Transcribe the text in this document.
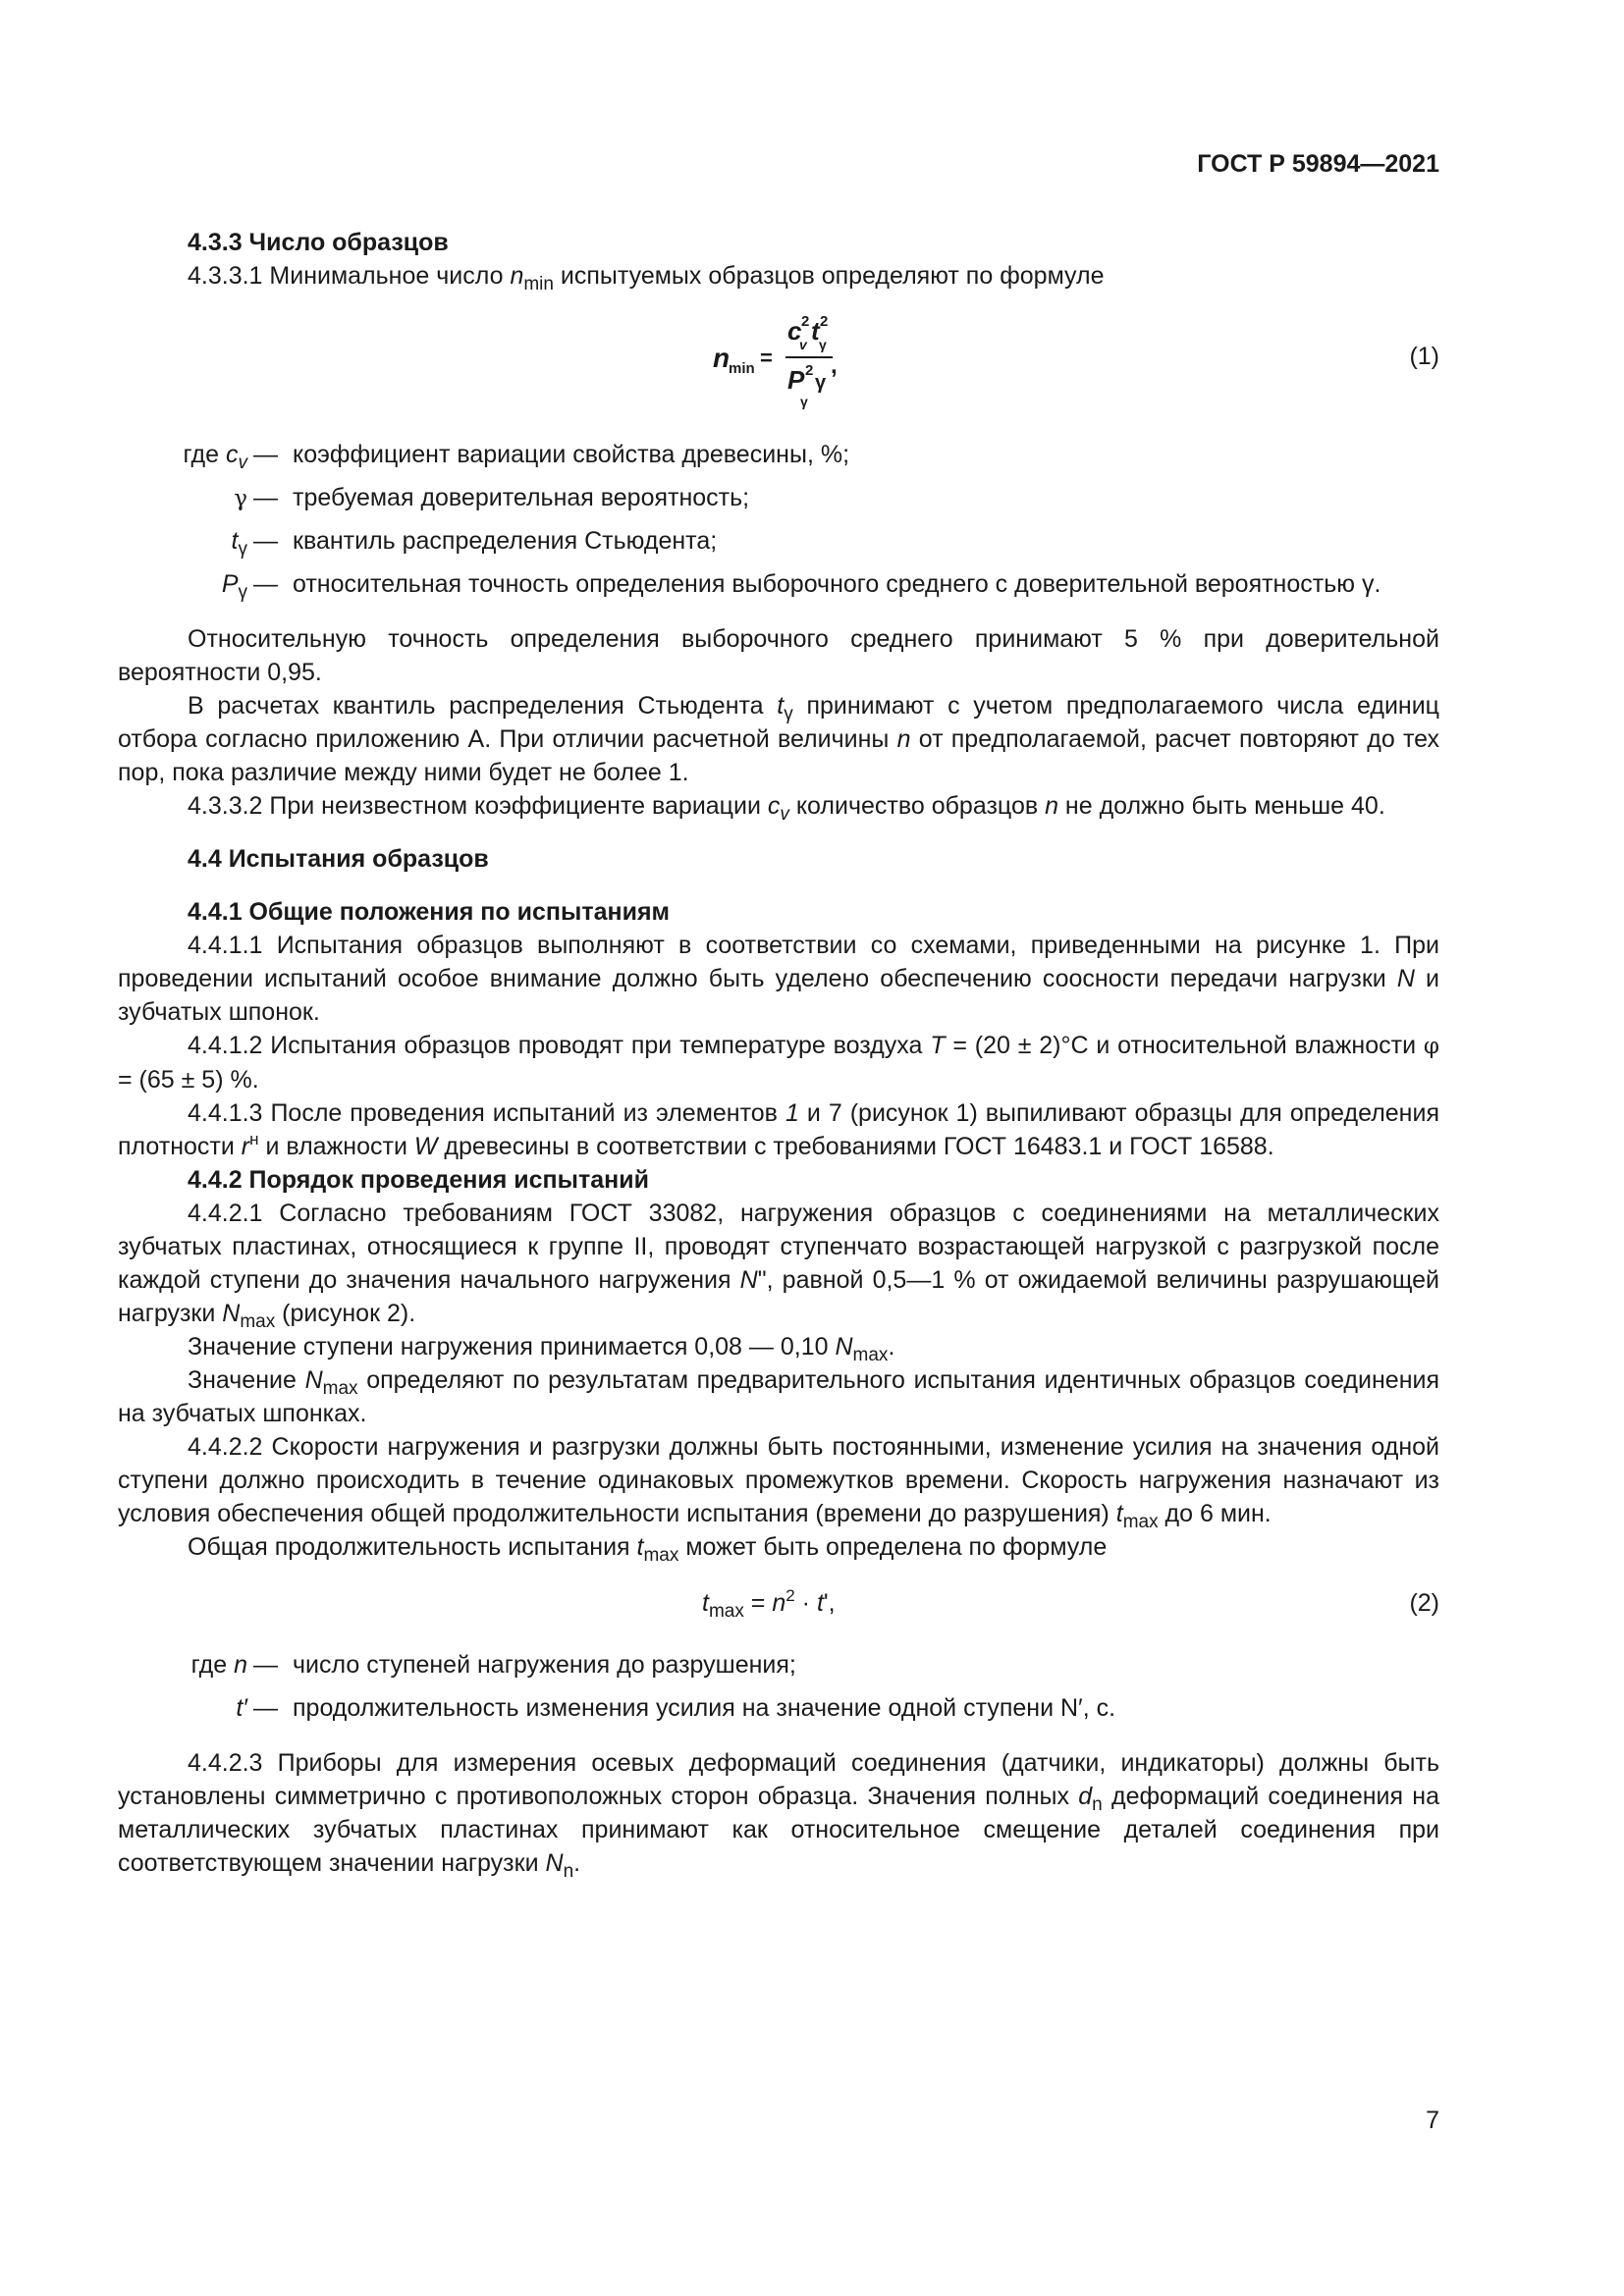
ГОСТ Р 59894—2021

4.3.3 Число образцов

4.3.3.1 Минимальное число $n_{min}$ испытуемых образцов определяют по формуле

n
min =
c 2
v t 2
γ
P 2
γ
γ
,	(1)
где $c_v$ — коэффициент вариации свойства древесины, %;
γ — требуемая доверительная вероятность;
$t_\gamma$ — квантиль распределения Стьюдента;
$P_\gamma$ — относительная точность определения выборочного среднего с доверительной вероятностью γ.

Относительную точность определения выборочного среднего принимают 5 % при доверительной вероятности 0,95.

В расчетах квантиль распределения Стьюдента $t_\gamma$ принимают с учетом предполагаемого числа единиц отбора согласно приложению А. При отличии расчетной величины n от предполагаемой, расчет повторяют до тех пор, пока различие между ними будет не более 1.

4.3.3.2 При неизвестном коэффициенте вариации $c_v$ количество образцов n не должно быть меньше 40.

4.4 Испытания образцов

4.4.1 Общие положения по испытаниям

4.4.1.1 Испытания образцов выполняют в соответствии со схемами, приведенными на рисунке 1. При проведении испытаний особое внимание должно быть уделено обеспечению соосности передачи нагрузки N и зубчатых шпонок.

4.4.1.2 Испытания образцов проводят при температуре воздуха T = (20 ± 2)°C и относительной влажности φ = (65 ± 5) %.

4.4.1.3 После проведения испытаний из элементов 1 и 7 (рисунок 1) выпиливают образцы для определения плотности $r^н$ и влажности W древесины в соответствии с требованиями ГОСТ 16483.1 и ГОСТ 16588.

4.4.2 Порядок проведения испытаний

4.4.2.1 Согласно требованиям ГОСТ 33082, нагружения образцов с соединениями на металлических зубчатых пластинах, относящиеся к группе II, проводят ступенчато возрастающей нагрузкой с разгрузкой после каждой ступени до значения начального нагружения N", равной 0,5—1 % от ожидаемой величины разрушающей нагрузки $N_{max}$ (рисунок 2).

Значение ступени нагружения принимается 0,08 — 0,10 $N_{max}$.

Значение $N_{max}$ определяют по результатам предварительного испытания идентичных образцов соединения на зубчатых шпонках.

4.4.2.2 Скорости нагружения и разгрузки должны быть постоянными, изменение усилия на значения одной ступени должно происходить в течение одинаковых промежутков времени. Скорость нагружения назначают из условия обеспечения общей продолжительности испытания (времени до разрушения) $t_{max}$ до 6 мин.

Общая продолжительность испытания $t_{max}$ может быть определена по формуле

$t_{max} = n^2 \cdot t'$,	(2)
где n — число ступеней нагружения до разрушения;
t′ — продолжительность изменения усилия на значение одной ступени N′, с.

4.4.2.3 Приборы для измерения осевых деформаций соединения (датчики, индикаторы) должны быть установлены симметрично с противоположных сторон образца. Значения полных $d_n$ деформаций соединения на металлических зубчатых пластинах принимают как относительное смещение деталей соединения при соответствующем значении нагрузки $N_n$.

7
